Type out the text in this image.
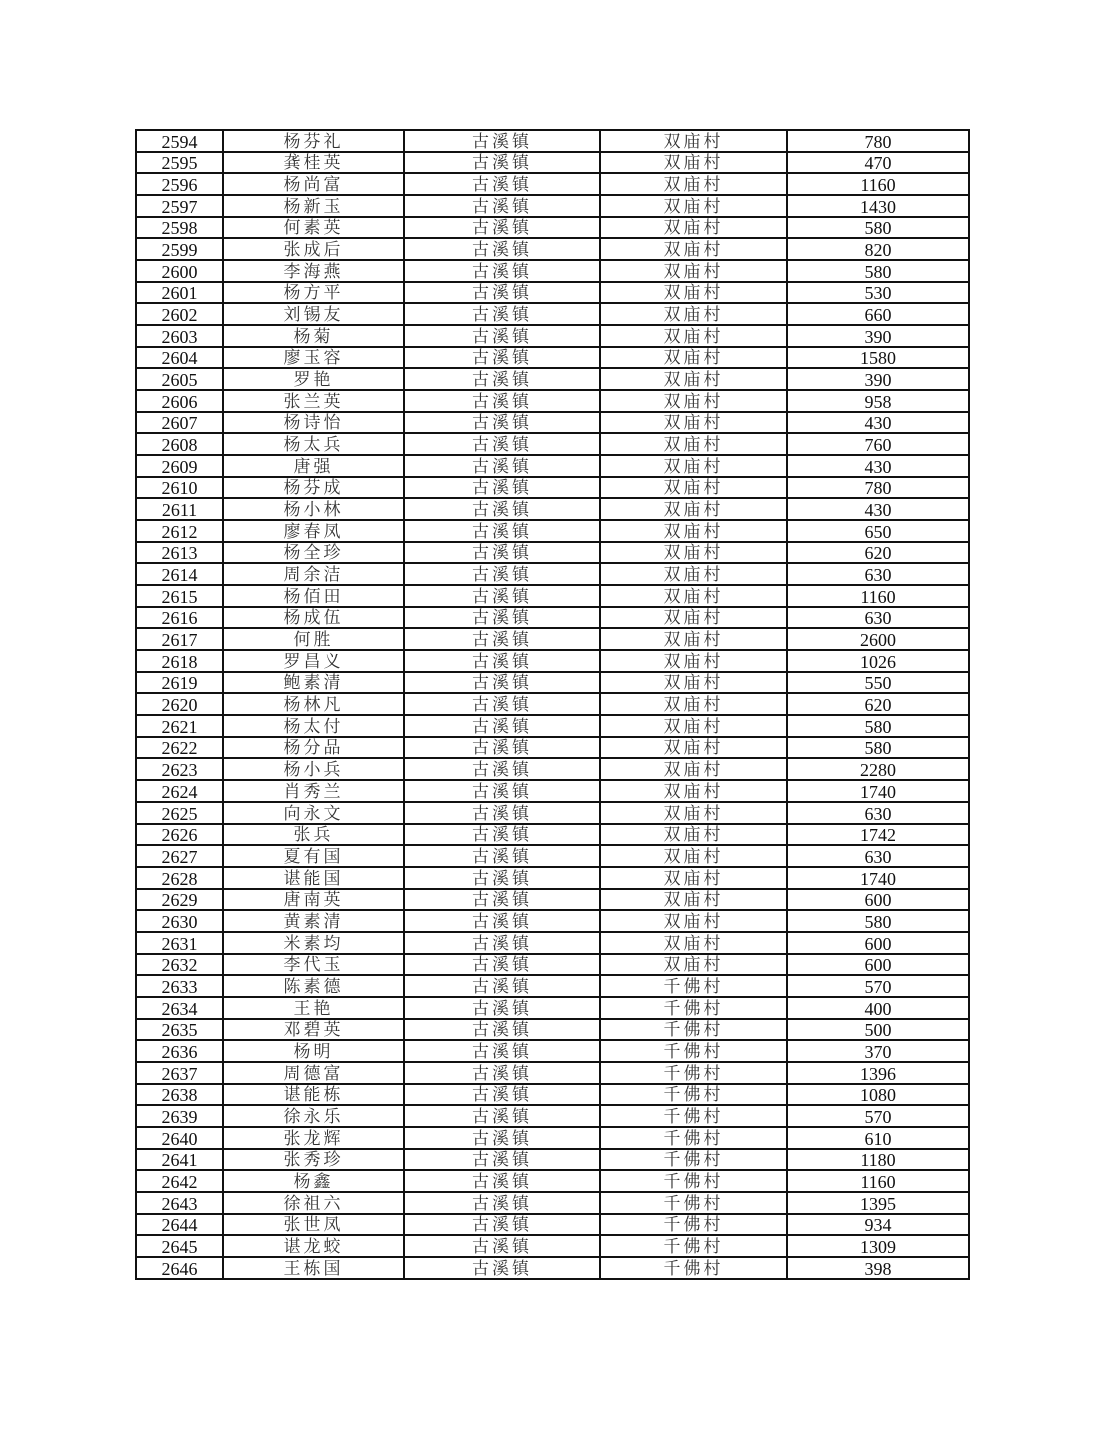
2594	杨芬礼	古溪镇	双庙村	780
2595	龚桂英	古溪镇	双庙村	470
2596	杨尚富	古溪镇	双庙村	1160
2597	杨新玉	古溪镇	双庙村	1430
2598	何素英	古溪镇	双庙村	580
2599	张成后	古溪镇	双庙村	820
2600	李海燕	古溪镇	双庙村	580
2601	杨方平	古溪镇	双庙村	530
2602	刘锡友	古溪镇	双庙村	660
2603	杨菊	古溪镇	双庙村	390
2604	廖玉容	古溪镇	双庙村	1580
2605	罗艳	古溪镇	双庙村	390
2606	张兰英	古溪镇	双庙村	958
2607	杨诗怡	古溪镇	双庙村	430
2608	杨太兵	古溪镇	双庙村	760
2609	唐强	古溪镇	双庙村	430
2610	杨芬成	古溪镇	双庙村	780
2611	杨小林	古溪镇	双庙村	430
2612	廖春凤	古溪镇	双庙村	650
2613	杨全珍	古溪镇	双庙村	620
2614	周余洁	古溪镇	双庙村	630
2615	杨佰田	古溪镇	双庙村	1160
2616	杨成伍	古溪镇	双庙村	630
2617	何胜	古溪镇	双庙村	2600
2618	罗昌义	古溪镇	双庙村	1026
2619	鲍素清	古溪镇	双庙村	550
2620	杨林凡	古溪镇	双庙村	620
2621	杨太付	古溪镇	双庙村	580
2622	杨分品	古溪镇	双庙村	580
2623	杨小兵	古溪镇	双庙村	2280
2624	肖秀兰	古溪镇	双庙村	1740
2625	向永文	古溪镇	双庙村	630
2626	张兵	古溪镇	双庙村	1742
2627	夏有国	古溪镇	双庙村	630
2628	谌能国	古溪镇	双庙村	1740
2629	唐南英	古溪镇	双庙村	600
2630	黄素清	古溪镇	双庙村	580
2631	米素均	古溪镇	双庙村	600
2632	李代玉	古溪镇	双庙村	600
2633	陈素德	古溪镇	千佛村	570
2634	王艳	古溪镇	千佛村	400
2635	邓碧英	古溪镇	千佛村	500
2636	杨明	古溪镇	千佛村	370
2637	周德富	古溪镇	千佛村	1396
2638	谌能栋	古溪镇	千佛村	1080
2639	徐永乐	古溪镇	千佛村	570
2640	张龙辉	古溪镇	千佛村	610
2641	张秀珍	古溪镇	千佛村	1180
2642	杨鑫	古溪镇	千佛村	1160
2643	徐祖六	古溪镇	千佛村	1395
2644	张世凤	古溪镇	千佛村	934
2645	谌龙蛟	古溪镇	千佛村	1309
2646	王栋国	古溪镇	千佛村	398
